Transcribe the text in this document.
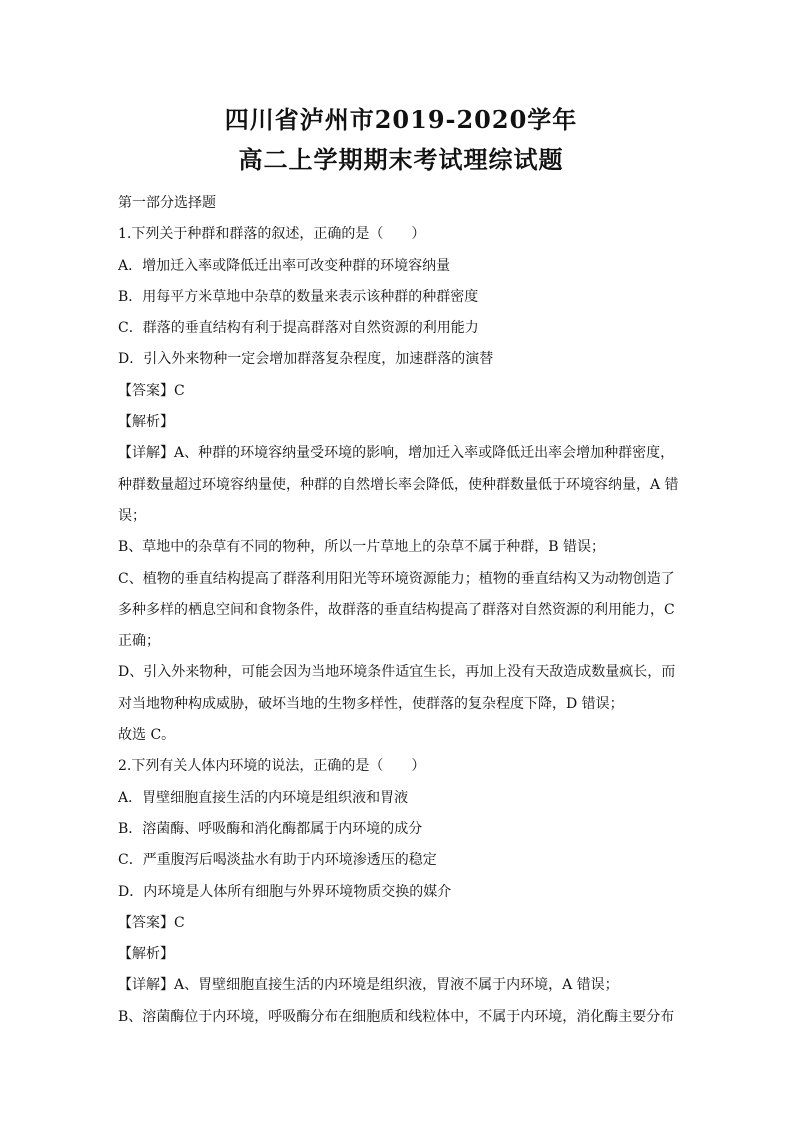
四川省泸州市2019-2020学年
高二上学期期末考试理综试题
第一部分选择题
1.下列关于种群和群落的叙述，正确的是（　　）
A．增加迁入率或降低迁出率可改变种群的环境容纳量
B．用每平方米草地中杂草的数量来表示该种群的种群密度
C．群落的垂直结构有利于提高群落对自然资源的利用能力
D．引入外来物种一定会增加群落复杂程度，加速群落的演替
【答案】C
【解析】
【详解】A、种群的环境容纳量受环境的影响，增加迁入率或降低迁出率会增加种群密度，
种群数量超过环境容纳量使，种群的自然增长率会降低，使种群数量低于环境容纳量，A 错
误；
B、草地中的杂草有不同的物种，所以一片草地上的杂草不属于种群，B 错误；
C、植物的垂直结构提高了群落利用阳光等环境资源能力；植物的垂直结构又为动物创造了
多种多样的栖息空间和食物条件，故群落的垂直结构提高了群落对自然资源的利用能力，C
正确；
D、引入外来物种，可能会因为当地环境条件适宜生长，再加上没有天敌造成数量疯长，而
对当地物种构成威胁，破坏当地的生物多样性，使群落的复杂程度下降，D 错误；
故选 C。
2.下列有关人体内环境的说法，正确的是（　　）
A．胃壁细胞直接生活的内环境是组织液和胃液
B．溶菌酶、呼吸酶和消化酶都属于内环境的成分
C．严重腹泻后喝淡盐水有助于内环境渗透压的稳定
D．内环境是人体所有细胞与外界环境物质交换的媒介
【答案】C
【解析】
【详解】A、胃壁细胞直接生活的内环境是组织液，胃液不属于内环境，A 错误；
B、溶菌酶位于内环境，呼吸酶分布在细胞质和线粒体中，不属于内环境，消化酶主要分布
